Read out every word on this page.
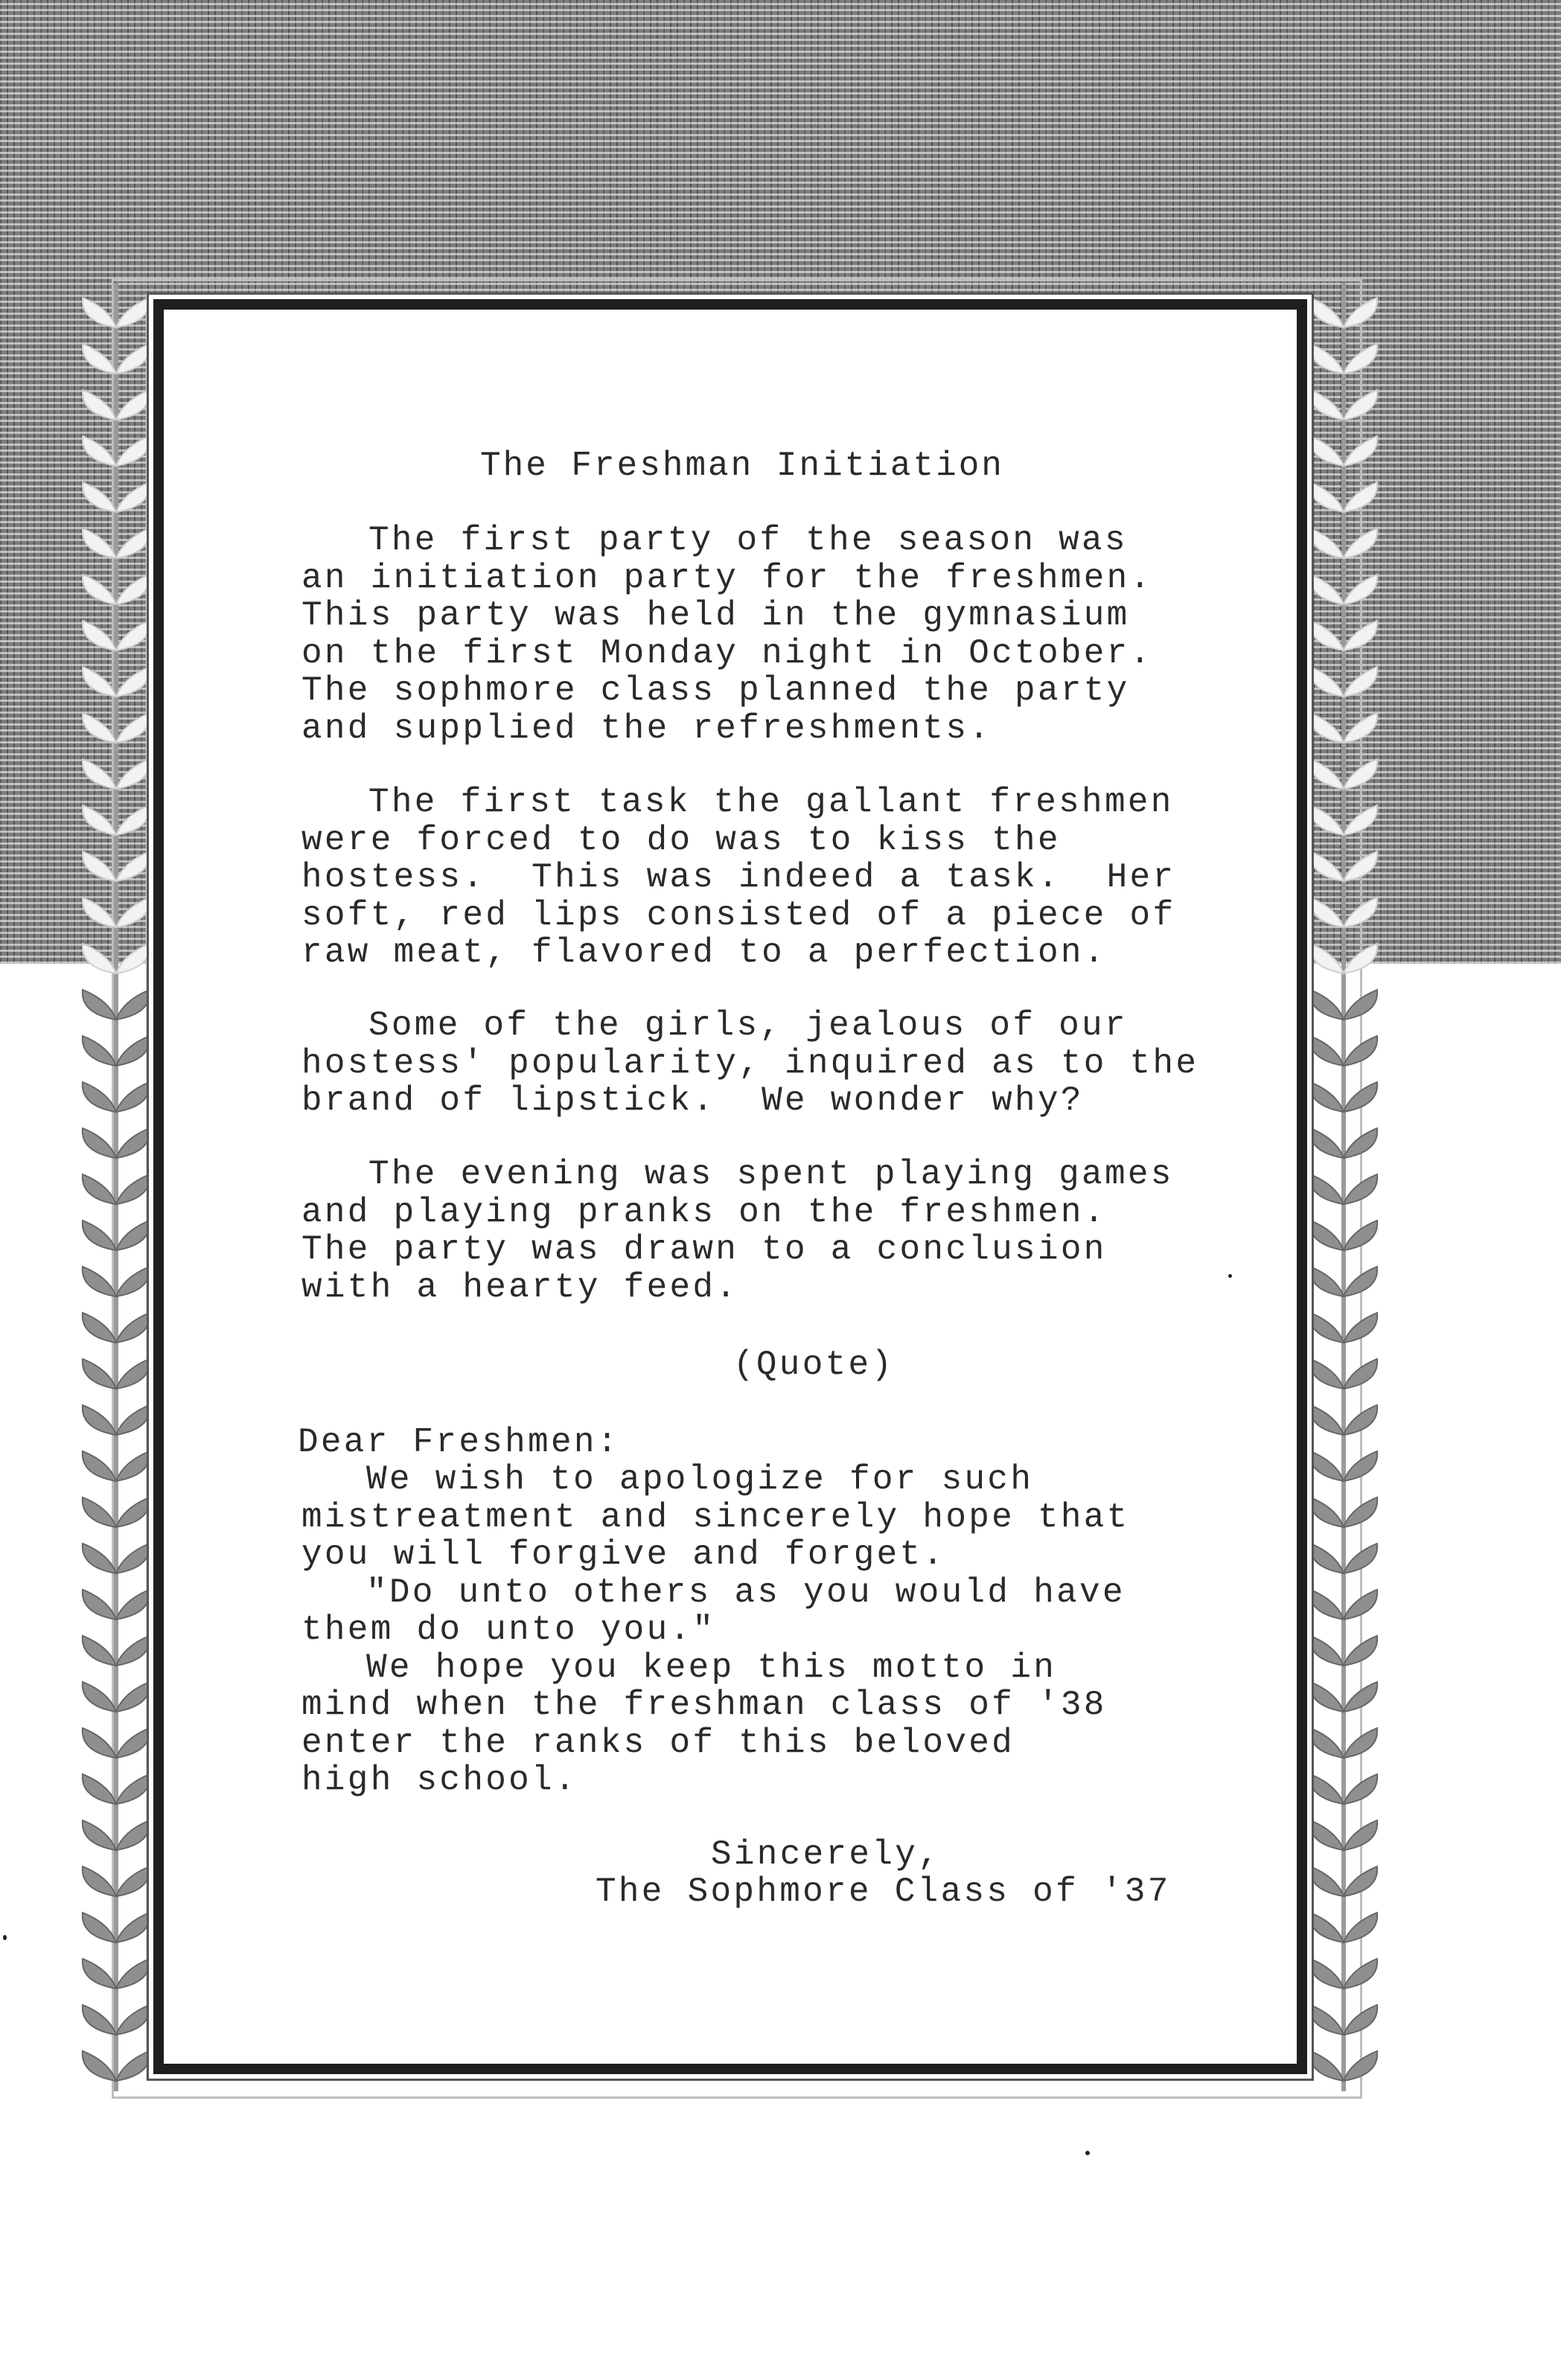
The Freshman Initiation
The first party of the season was
an initiation party for the freshmen.
This party was held in the gymnasium
on the first Monday night in October.
The sophmore class planned the party
and supplied the refreshments.
The first task the gallant freshmen
were forced to do was to kiss the
hostess.  This was indeed a task.  Her
soft, red lips consisted of a piece of
raw meat, flavored to a perfection.
Some of the girls, jealous of our
hostess' popularity, inquired as to the
brand of lipstick.  We wonder why?
The evening was spent playing games
and playing pranks on the freshmen.
The party was drawn to a conclusion
with a hearty feed.
(Quote)
Dear Freshmen:
We wish to apologize for such
mistreatment and sincerely hope that
you will forgive and forget.
"Do unto others as you would have
them do unto you."
We hope you keep this motto in
mind when the freshman class of '38
enter the ranks of this beloved
high school.
Sincerely,
The Sophmore Class of '37
